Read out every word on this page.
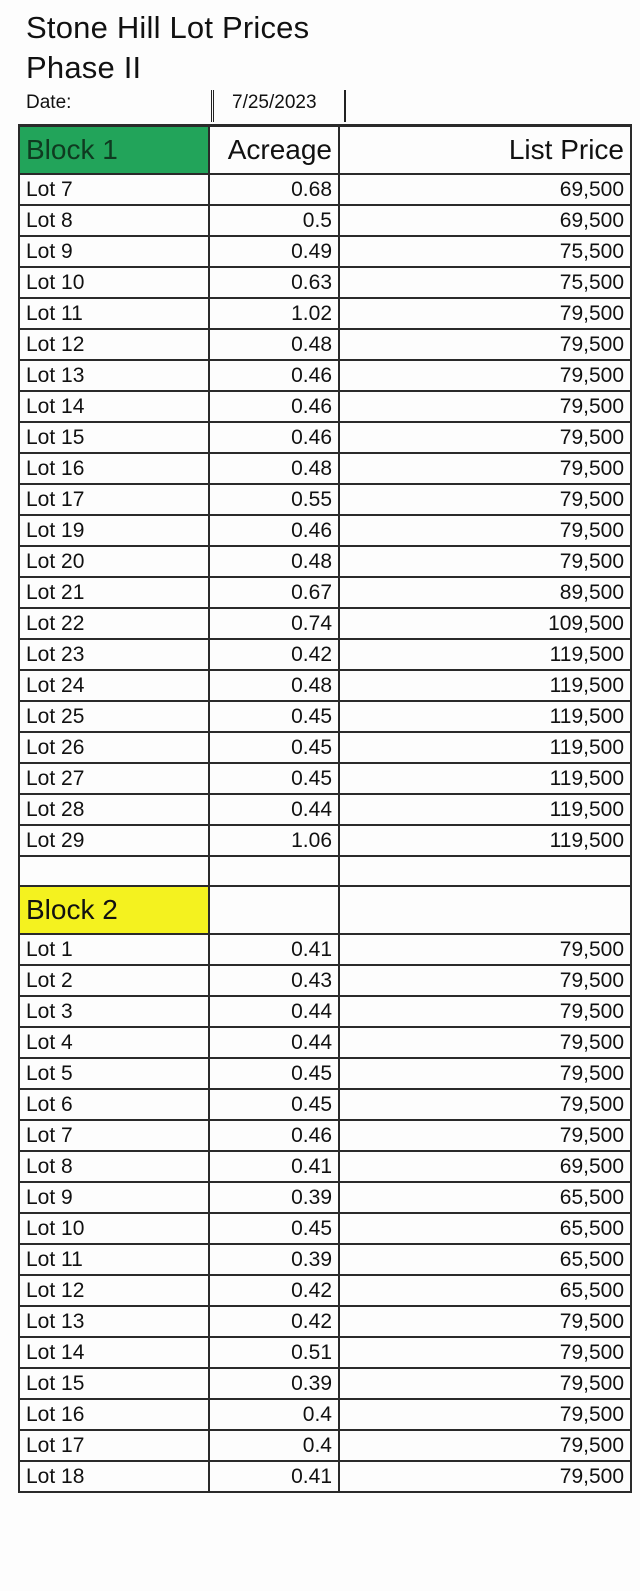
Stone Hill Lot Prices
Phase II
Date:	7/25/2023
Block 1	Acreage	List Price
Lot 7	0.68	69,500
Lot 8	0.5	69,500
Lot 9	0.49	75,500
Lot 10	0.63	75,500
Lot 11	1.02	79,500
Lot 12	0.48	79,500
Lot 13	0.46	79,500
Lot 14	0.46	79,500
Lot 15	0.46	79,500
Lot 16	0.48	79,500
Lot 17	0.55	79,500
Lot 19	0.46	79,500
Lot 20	0.48	79,500
Lot 21	0.67	89,500
Lot 22	0.74	109,500
Lot 23	0.42	119,500
Lot 24	0.48	119,500
Lot 25	0.45	119,500
Lot 26	0.45	119,500
Lot 27	0.45	119,500
Lot 28	0.44	119,500
Lot 29	1.06	119,500

Block 2		
Lot 1	0.41	79,500
Lot 2	0.43	79,500
Lot 3	0.44	79,500
Lot 4	0.44	79,500
Lot 5	0.45	79,500
Lot 6	0.45	79,500
Lot 7	0.46	79,500
Lot 8	0.41	69,500
Lot 9	0.39	65,500
Lot 10	0.45	65,500
Lot 11	0.39	65,500
Lot 12	0.42	65,500
Lot 13	0.42	79,500
Lot 14	0.51	79,500
Lot 15	0.39	79,500
Lot 16	0.4	79,500
Lot 17	0.4	79,500
Lot 18	0.41	79,500
